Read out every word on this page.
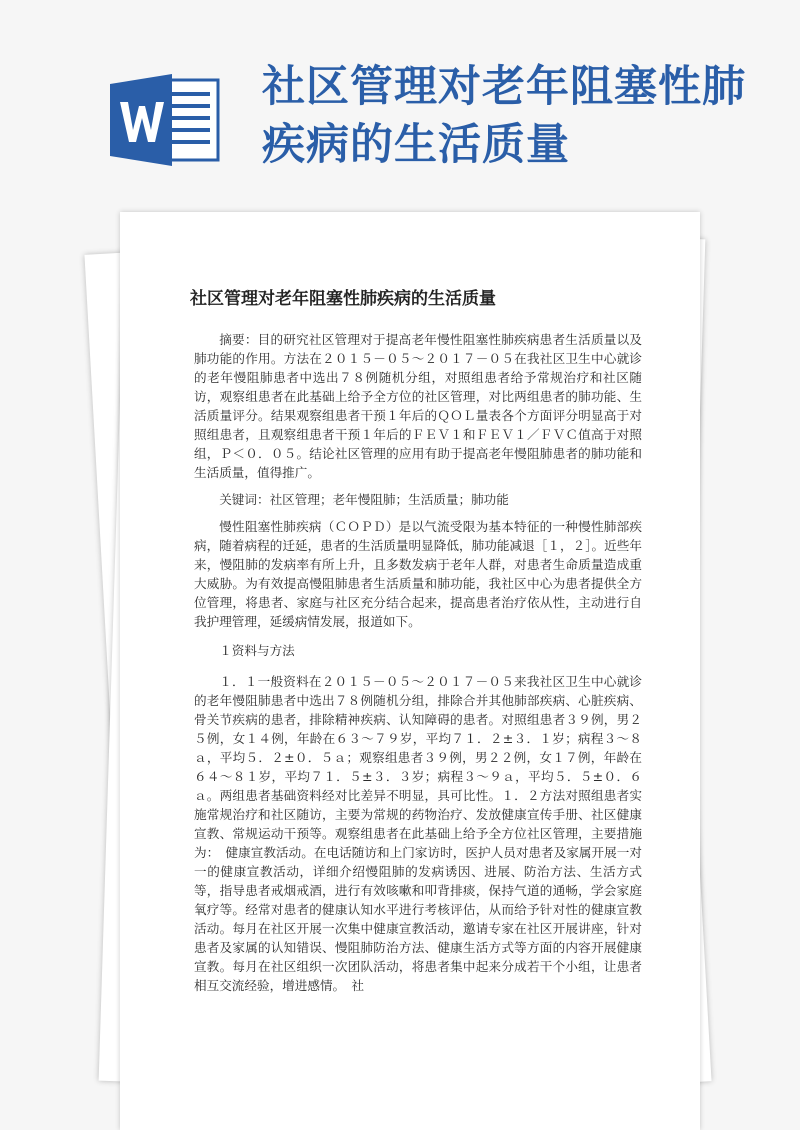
社区管理对老年阻塞性肺疾病的生活质量
社区管理对老年阻塞性肺疾病的生活质量

摘要：目的研究社区管理对于提高老年慢性阻塞性肺疾病患者生活质量以及肺功能的作用。方法在２０１５－０５～２０１７－０５在我社区卫生中心就诊的老年慢阻肺患者中选出７８例随机分组，对照组患者给予常规治疗和社区随访，观察组患者在此基础上给予全方位的社区管理，对比两组患者的肺功能、生活质量评分。结果观察组患者干预１年后的ＱＯＬ量表各个方面评分明显高于对照组患者，且观察组患者干预１年后的ＦＥＶ１和ＦＥＶ１／ＦＶＣ值高于对照组，Ｐ＜０．０５。结论社区管理的应用有助于提高老年慢阻肺患者的肺功能和生活质量，值得推广。

关键词：社区管理；老年慢阻肺；生活质量；肺功能

慢性阻塞性肺疾病（ＣＯＰＤ）是以气流受限为基本特征的一种慢性肺部疾病，随着病程的迁延，患者的生活质量明显降低，肺功能减退［１，２］。近些年来，慢阻肺的发病率有所上升，且多数发病于老年人群，对患者生命质量造成重大威胁。为有效提高慢阻肺患者生活质量和肺功能，我社区中心为患者提供全方位管理，将患者、家庭与社区充分结合起来，提高患者治疗依从性，主动进行自我护理管理，延缓病情发展，报道如下。

１资料与方法

１．１一般资料在２０１５－０５～２０１７－０５来我社区卫生中心就诊的老年慢阻肺患者中选出７８例随机分组，排除合并其他肺部疾病、心脏疾病、骨关节疾病的患者，排除精神疾病、认知障碍的患者。对照组患者３９例，男２５例，女１４例，年龄在６３～７９岁，平均７１．２±３．１岁；病程３～８ａ，平均５．２±０．５ａ；观察组患者３９例，男２２例，女１７例，年龄在６４～８１岁，平均７１．５±３．３岁；病程３～９ａ，平均５．５±０．６ａ。两组患者基础资料经对比差异不明显，具可比性。１．２方法对照组患者实施常规治疗和社区随访，主要为常规的药物治疗、发放健康宣传手册、社区健康宣教、常规运动干预等。观察组患者在此基础上给予全方位社区管理，主要措施为：　健康宣教活动。在电话随访和上门家访时，医护人员对患者及家属开展一对一的健康宣教活动，详细介绍慢阻肺的发病诱因、进展、防治方法、生活方式等，指导患者戒烟戒酒，进行有效咳嗽和叩背排痰，保持气道的通畅，学会家庭氧疗等。经常对患者的健康认知水平进行考核评估，从而给予针对性的健康宣教活动。每月在社区开展一次集中健康宣教活动，邀请专家在社区开展讲座，针对患者及家属的认知错误、慢阻肺防治方法、健康生活方式等方面的内容开展健康宣教。每月在社区组织一次团队活动，将患者集中起来分成若干个小组，让患者相互交流经验，增进感情。　社
